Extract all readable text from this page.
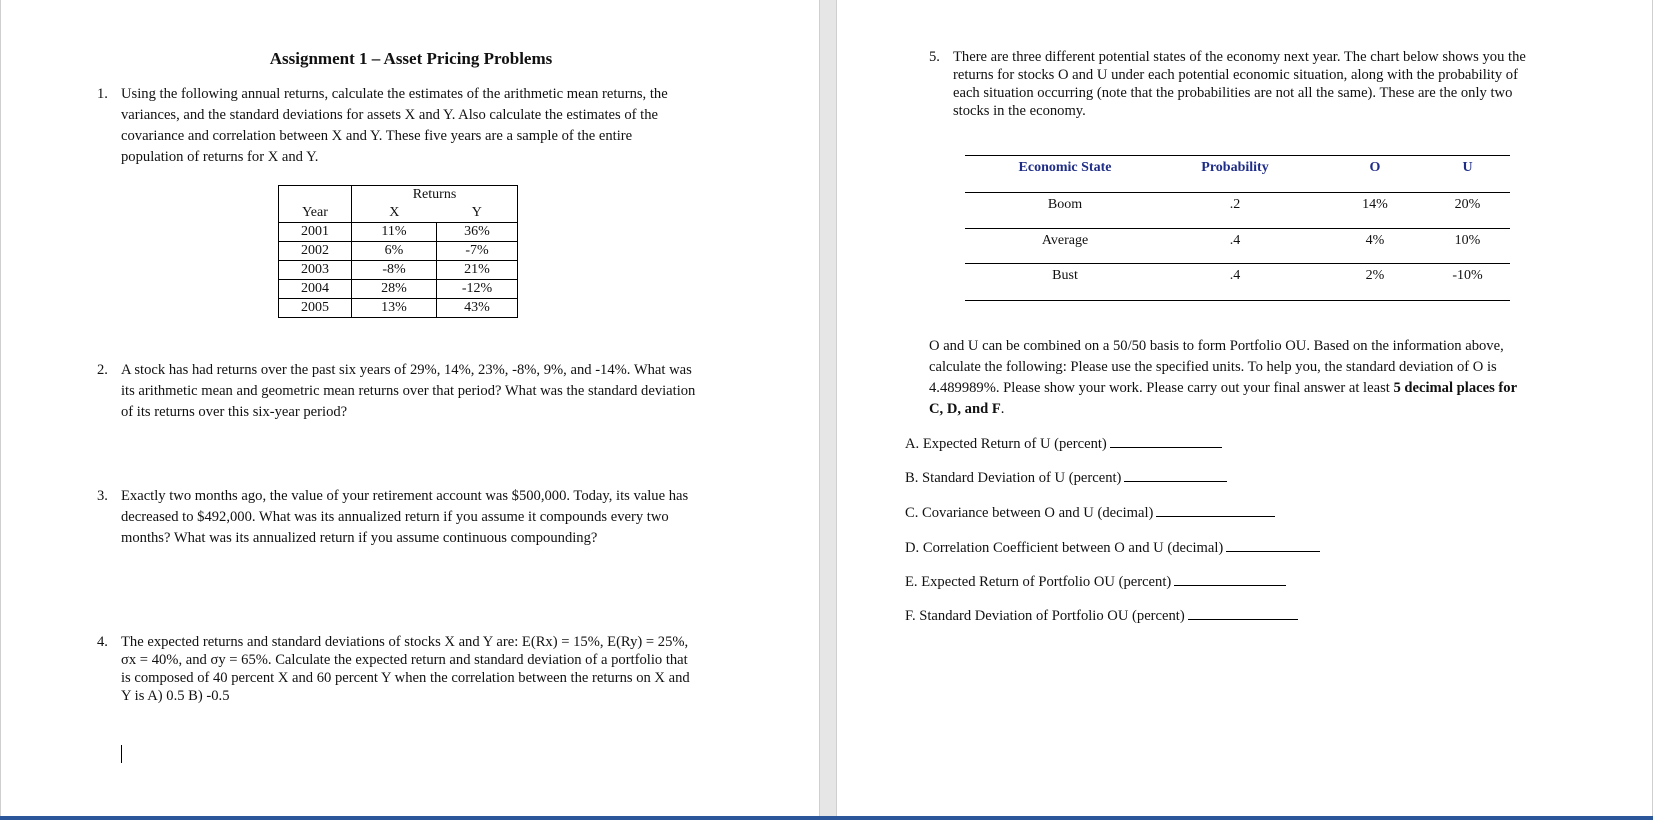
Assignment 1 – Asset Pricing Problems
1. Using the following annual returns, calculate the estimates of the arithmetic mean returns, the

variances, and the standard deviations for assets X and Y. Also calculate the estimates of the

covariance and correlation between X and Y. These five years are a sample of the entire

population of returns for X and Y.

	Returns	
Year	X	Y
2001	11%	36%
2002	6%	-7%
2003	-8%	21%
2004	28%	-12%
2005	13%	43%
2. A stock has had returns over the past six years of 29%, 14%, 23%, -8%, 9%, and -14%. What was

its arithmetic mean and geometric mean returns over that period? What was the standard deviation

of its returns over this six-year period?

3. Exactly two months ago, the value of your retirement account was $500,000. Today, its value has

decreased to $492,000. What was its annualized return if you assume it compounds every two

months? What was its annualized return if you assume continuous compounding?

4. The expected returns and standard deviations of stocks X and Y are: E(Rx) = 15%, E(Ry) = 25%,

σx = 40%, and σy = 65%. Calculate the expected return and standard deviation of a portfolio that

is composed of 40 percent X and 60 percent Y when the correlation between the returns on X and

Y is A) 0.5 B) -0.5

5. There are three different potential states of the economy next year. The chart below shows you the

returns for stocks O and U under each potential economic situation, along with the probability of

each situation occurring (note that the probabilities are not all the same). These are the only two

stocks in the economy.

O and U can be combined on a 50/50 basis to form Portfolio OU. Based on the information above,

calculate the following: Please use the specified units. To help you, the standard deviation of O is

4.489989%. Please show your work. Please carry out your final answer at least 5 decimal places for

C, D, and F.

A. Expected Return of U (percent)
B. Standard Deviation of U (percent)
C. Covariance between O and U (decimal)
D. Correlation Coefficient between O and U (decimal)
E. Expected Return of Portfolio OU (percent)
F. Standard Deviation of Portfolio OU (percent)
Economic State	Probability	O	U
Boom	.2	14%	20%
Average	.4	4%	10%
Bust	.4	2%	-10%
